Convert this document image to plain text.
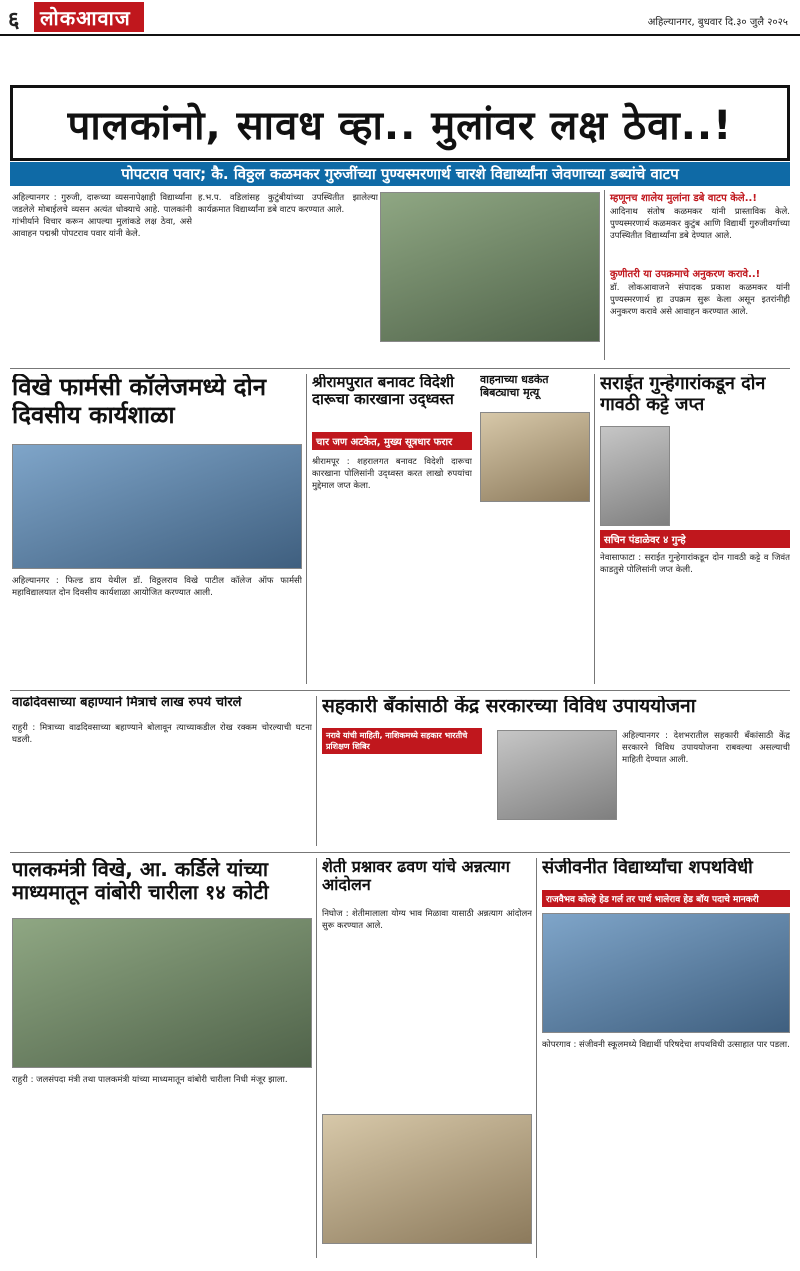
६	लोकआवाज	अहिल्यानगर, बुधवार दि.३० जुलै २०२५
पालकांनो, सावध व्हा.. मुलांवर लक्ष ठेवा..!
पोपटराव पवार; कै. विठ्ठल कळमकर गुरुजींच्या पुण्यस्मरणार्थ चारशे विद्यार्थ्यांना जेवणाच्या डब्यांचे वाटप
अहिल्यानगर : गुरुजी, दारूच्या व्यसनापेक्षाही विद्यार्थ्यांना जडलेले मोबाईलचे व्यसन अत्यंत धोक्याचे आहे. पालकांनी गांभीर्याने विचार करून आपल्या मुलांकडे लक्ष ठेवा, असे आवाहन पद्मश्री पोपटराव पवार यांनी केले.
ह.भ.प. वडिलांसह कुटुंबीयांच्या उपस्थितीत झालेल्या कार्यक्रमात विद्यार्थ्यांना डबे वाटप करण्यात आले.
म्हणूनच शालेय मुलांना डबे वाटप केले..!
आदिनाथ संतोष कळमकर यांनी प्रास्ताविक केले. पुण्यस्मरणार्थ कळमकर कुटुंब आणि विद्यार्थी गुरुजीवर्गाच्या उपस्थितीत विद्यार्थ्यांना डबे देण्यात आले.
कुणीतरी या उपक्रमाचे अनुकरण करावे..!
डॉ. लोकआवाजने संपादक प्रकाश कळमकर यांनी पुण्यस्मरणार्थ हा उपक्रम सुरू केला असून इतरांनीही अनुकरण करावे असे आवाहन करण्यात आले.
विखे फार्मसी कॉलेजमध्ये दोन दिवसीय कार्यशाळा
अहिल्यानगर : फिल्ड डाय येथील डॉ. विठ्ठलराव विखे पाटील कॉलेज ऑफ फार्मसी महाविद्यालयात दोन दिवसीय कार्यशाळा आयोजित करण्यात आली.
श्रीरामपुरात बनावट विदेशी दारूचा कारखाना उद्ध्वस्त
चार जण अटकेत, मुख्य सूत्रधार फरार
श्रीरामपूर : शहरालगत बनावट विदेशी दारूचा कारखाना पोलिसांनी उद्ध्वस्त करत लाखो रुपयांचा मुद्देमाल जप्त केला.
वाहनाच्या धडकेत बिबट्याचा मृत्यू	सराईत गुन्हेगारांकडून दोन गावठी कट्टे जप्त
सचिन पंडाळेवर ४ गुन्हे
नेवासाफाटा : सराईत गुन्हेगारांकडून दोन गावठी कट्टे व जिवंत काडतुसे पोलिसांनी जप्त केली.
वाढदिवसाच्या बहाण्याने मित्राचे लाख रुपये चोरले
राहुरी : मित्राच्या वाढदिवसाच्या बहाण्याने बोलावून त्याच्याकडील रोख रक्कम चोरल्याची घटना घडली.
सहकारी बँकांसाठी केंद्र सरकारच्या विविध उपाययोजना
नरावे यांची माहिती, नाशिकमध्ये सहकार भारतीचे प्रशिक्षण शिबिर
अहिल्यानगर : देशभरातील सहकारी बँकांसाठी केंद्र सरकारने विविध उपाययोजना राबवल्या असल्याची माहिती देण्यात आली.
पालकमंत्री विखे, आ. कर्डिले यांच्या माध्यमातून वांबोरी चारीला १४ कोटी
राहुरी : जलसंपदा मंत्री तथा पालकमंत्री यांच्या माध्यमातून वांबोरी चारीला निधी मंजूर झाला.
शेती प्रश्नावर ढवण यांचे अन्नत्याग आंदोलन
निघोज : शेतीमालाला योग्य भाव मिळावा यासाठी अन्नत्याग आंदोलन सुरू करण्यात आले.
संजीवनीत विद्यार्थ्यांचा शपथविधी
राजवैभव कोल्हे हेड गर्ल तर पार्थ भालेराव हेड बॉय पदाचे मानकरी
कोपरगाव : संजीवनी स्कूलमध्ये विद्यार्थी परिषदेचा शपथविधी उत्साहात पार पडला.
